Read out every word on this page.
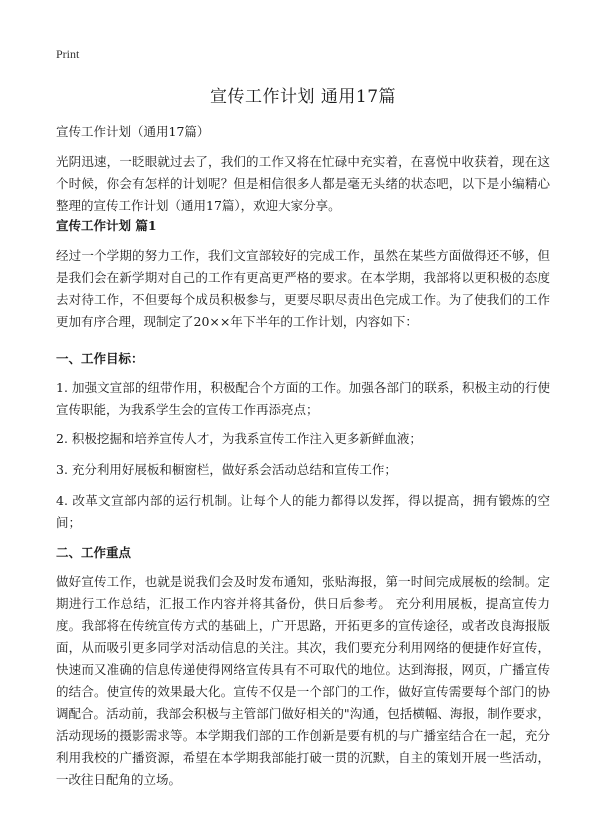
Print
宣传工作计划 通用17篇

宣传工作计划（通用17篇）

光阴迅速，一眨眼就过去了，我们的工作又将在忙碌中充实着，在喜悦中收获着，现在这个时候，你会有怎样的计划呢？但是相信很多人都是毫无头绪的状态吧，以下是小编精心整理的宣传工作计划（通用17篇），欢迎大家分享。

宣传工作计划 篇1

经过一个学期的努力工作，我们文宣部较好的完成工作，虽然在某些方面做得还不够，但是我们会在新学期对自己的工作有更高更严格的要求。在本学期，我部将以更积极的态度去对待工作，不但要每个成员积极参与，更要尽职尽责出色完成工作。为了使我们的工作更加有序合理，现制定了20××年下半年的工作计划，内容如下：

一、工作目标：

1. 加强文宣部的纽带作用，积极配合个方面的工作。加强各部门的联系，积极主动的行使宣传职能，为我系学生会的宣传工作再添亮点；

2. 积极挖掘和培养宣传人才，为我系宣传工作注入更多新鲜血液；

3. 充分利用好展板和橱窗栏，做好系会活动总结和宣传工作；

4. 改革文宣部内部的运行机制。让每个人的能力都得以发挥，得以提高，拥有锻炼的空间；

二、工作重点

做好宣传工作，也就是说我们会及时发布通知，张贴海报，第一时间完成展板的绘制。定期进行工作总结，汇报工作内容并将其备份，供日后参考。 充分利用展板，提高宣传力度。我部将在传统宣传方式的基础上，广开思路，开拓更多的宣传途径，或者改良海报版面，从而吸引更多同学对活动信息的关注。其次，我们要充分利用网络的便捷作好宣传，快速而又准确的信息传递使得网络宣传具有不可取代的地位。达到海报，网页，广播宣传的结合。使宣传的效果最大化。宣传不仅是一个部门的工作，做好宣传需要每个部门的协调配合。活动前，我部会积极与主管部门做好相关的"沟通，包括横幅、海报，制作要求，活动现场的摄影需求等。本学期我们部的工作创新是要有机的与广播室结合在一起，充分利用我校的广播资源，希望在本学期我部能打破一贯的沉默，自主的策划开展一些活动，一改往日配角的立场。
